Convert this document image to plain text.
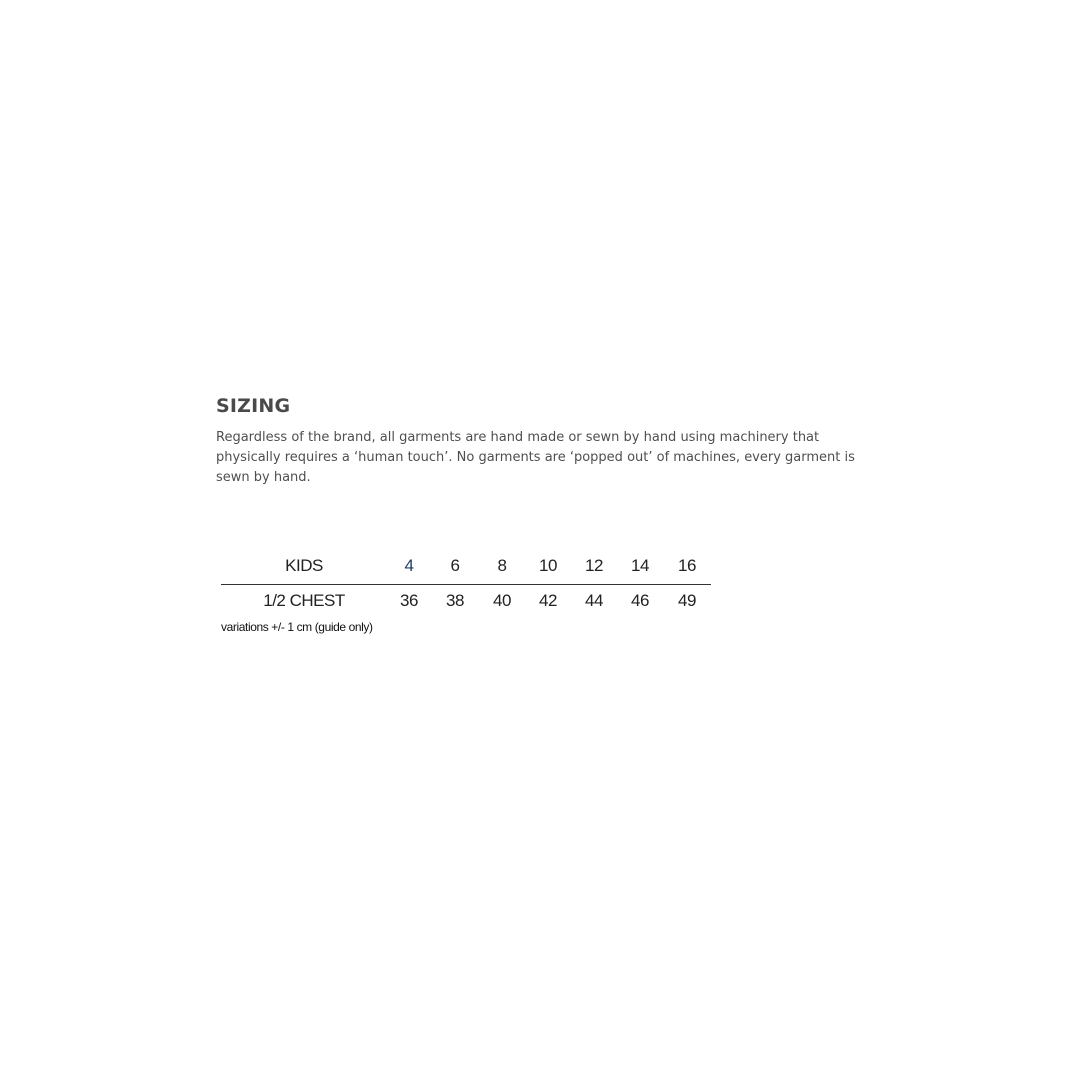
SIZING

Regardless of the brand, all garments are hand made or sewn by hand using machinery that physically requires a ‘human touch’. No garments are ‘popped out’ of machines, every garment is sewn by hand.

KIDS	4	6	8	10	12	14	16
1/2 CHEST	36	38	40	42	44	46	49

variations +/- 1 cm (guide only)
